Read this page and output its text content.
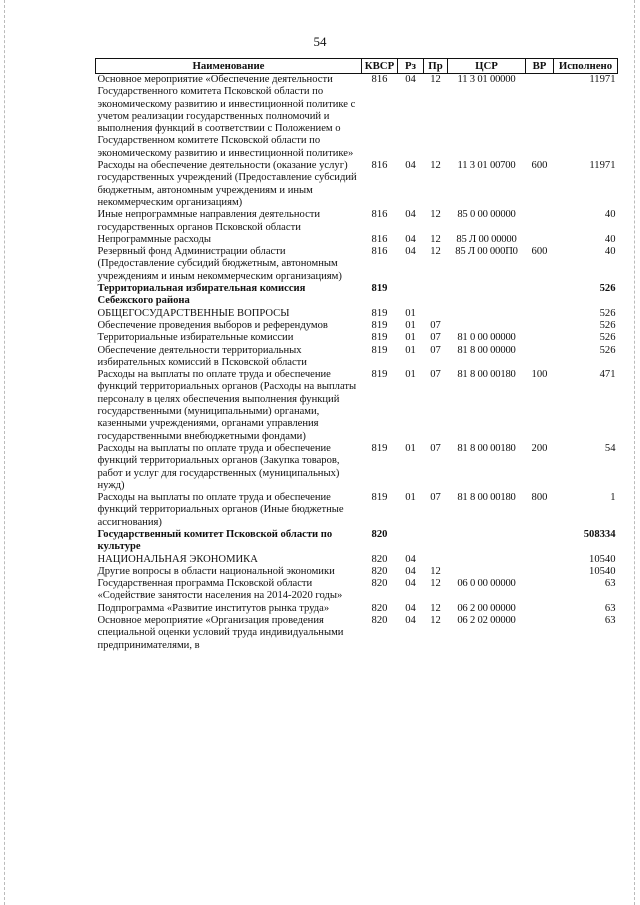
54
Наименование	КВСР	Рз	Пр	ЦСР	ВР	Исполнено
Основное мероприятие «Обеспечение деятельности Государственного комитета Псковской области по экономическому развитию и инвестиционной политике с учетом реализации государственных полномочий и выполнения функций в соответствии с Положением о Государственном комитете Псковской области по экономическому развитию и инвестиционной политике»	816	04	12	11 3 01 00000		11971
Расходы на обеспечение деятельности (оказание услуг) государственных учреждений (Предоставление субсидий бюджетным, автономным учреждениям и иным некоммерческим организациям)	816	04	12	11 3 01 00700	600	11971
Иные непрограммные направления деятельности государственных органов Псковской области	816	04	12	85 0 00 00000		40
Непрограммные расходы	816	04	12	85 Л 00 00000		40
Резервный фонд Администрации области (Предоставление субсидий бюджетным, автономным учреждениям и иным некоммерческим организациям)	816	04	12	85 Л 00 000П0	600	40
Территориальная избирательная комиссия Себежского района	819					526
ОБЩЕГОСУДАРСТВЕННЫЕ ВОПРОСЫ	819	01				526
Обеспечение проведения выборов и референдумов	819	01	07			526
Территориальные избирательные комиссии	819	01	07	81 0 00 00000		526
Обеспечение деятельности территориальных избирательных комиссий в Псковской области	819	01	07	81 8 00 00000		526
Расходы на выплаты по оплате труда и обеспечение функций территориальных органов (Расходы на выплаты персоналу в целях обеспечения выполнения функций государственными (муниципальными) органами, казенными учреждениями, органами управления государственными внебюджетными фондами)	819	01	07	81 8 00 00180	100	471
Расходы на выплаты по оплате труда и обеспечение функций территориальных органов (Закупка товаров, работ и услуг для государственных (муниципальных) нужд)	819	01	07	81 8 00 00180	200	54
Расходы на выплаты по оплате труда и обеспечение функций территориальных органов (Иные бюджетные ассигнования)	819	01	07	81 8 00 00180	800	1
Государственный комитет Псковской области по культуре	820					508334
НАЦИОНАЛЬНАЯ ЭКОНОМИКА	820	04				10540
Другие вопросы в области национальной экономики	820	04	12			10540
Государственная программа Псковской области «Содействие занятости населения на 2014-2020 годы»	820	04	12	06 0 00 00000		63
Подпрограмма «Развитие институтов рынка труда»	820	04	12	06 2 00 00000		63
Основное мероприятие «Организация проведения специальной оценки условий труда индивидуальными предпринимателями, в	820	04	12	06 2 02 00000		63
